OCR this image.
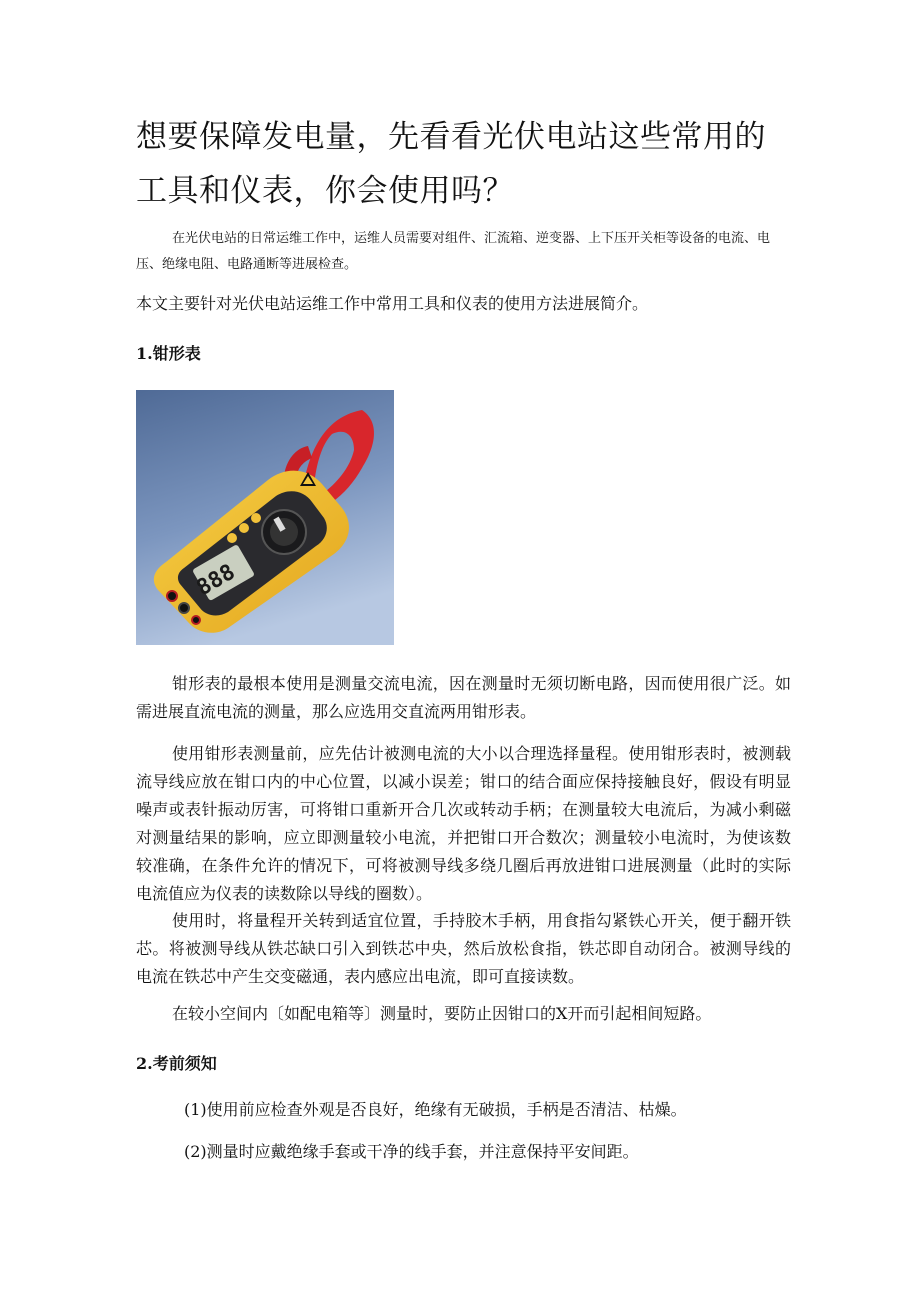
想要保障发电量，先看看光伏电站这些常用的工具和仪表，你会使用吗？

在光伏电站的日常运维工作中，运维人员需要对组件、汇流箱、逆变器、上下压开关柜等设备的电流、电压、绝缘电阻、电路通断等进展检查。

本文主要针对光伏电站运维工作中常用工具和仪表的使用方法进展简介。

1.钳形表
888

钳形表的最根本使用是测量交流电流，因在测量时无须切断电路，因而使用很广泛。如需进展直流电流的测量，那么应选用交直流两用钳形表。

使用钳形表测量前，应先估计被测电流的大小以合理选择量程。使用钳形表时，被测载流导线应放在钳口内的中心位置，以减小误差；钳口的结合面应保持接触良好，假设有明显噪声或表针振动厉害，可将钳口重新开合几次或转动手柄；在测量较大电流后，为减小剩磁对测量结果的影响，应立即测量较小电流，并把钳口开合数次；测量较小电流时，为使该数较准确，在条件允许的情况下，可将被测导线多绕几圈后再放进钳口进展测量（此时的实际电流值应为仪表的读数除以导线的圈数）。

使用时，将量程开关转到适宜位置，手持胶木手柄，用食指勾紧铁心开关，便于翻开铁芯。将被测导线从铁芯缺口引入到铁芯中央，然后放松食指，铁芯即自动闭合。被测导线的电流在铁芯中产生交变磁通，表内感应出电流，即可直接读数。

在较小空间内〔如配电箱等〕测量时，要防止因钳口的X开而引起相间短路。

2.考前须知

(1)使用前应检查外观是否良好，绝缘有无破损，手柄是否清洁、枯燥。

(2)测量时应戴绝缘手套或干净的线手套，并注意保持平安间距。
